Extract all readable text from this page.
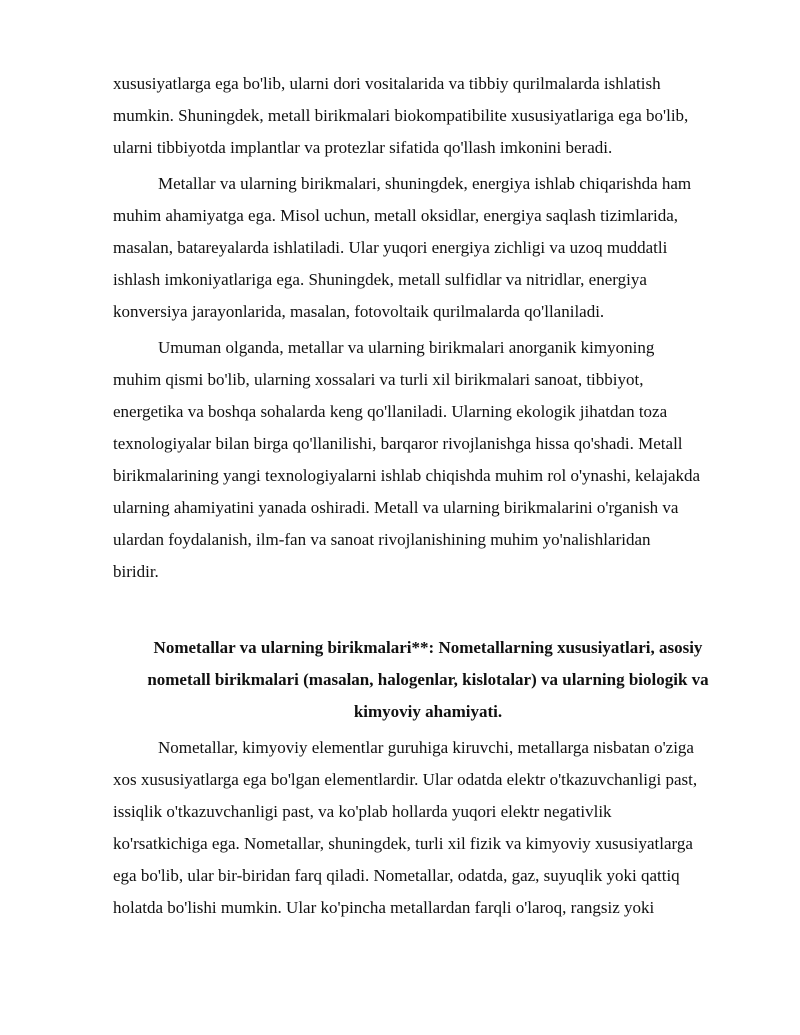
xususiyatlarga ega bo'lib, ularni dori vositalarida va tibbiy qurilmalarda ishlatish
mumkin. Shuningdek, metall birikmalari biokompatibilite xususiyatlariga ega bo'lib,
ularni tibbiyotda implantlar va protezlar sifatida qo'llash imkonini beradi.
Metallar va ularning birikmalari, shuningdek, energiya ishlab chiqarishda ham
muhim ahamiyatga ega. Misol uchun, metall oksidlar, energiya saqlash tizimlarida,
masalan, batareyalarda ishlatiladi. Ular yuqori energiya zichligi va uzoq muddatli
ishlash imkoniyatlariga ega. Shuningdek, metall sulfidlar va nitridlar, energiya
konversiya jarayonlarida, masalan, fotovoltaik qurilmalarda qo'llaniladi.
Umuman olganda, metallar va ularning birikmalari anorganik kimyoning
muhim qismi bo'lib, ularning xossalari va turli xil birikmalari sanoat, tibbiyot,
energetika va boshqa sohalarda keng qo'llaniladi. Ularning ekologik jihatdan toza
texnologiyalar bilan birga qo'llanilishi, barqaror rivojlanishga hissa qo'shadi. Metall
birikmalarining yangi texnologiyalarni ishlab chiqishda muhim rol o'ynashi, kelajakda
ularning ahamiyatini yanada oshiradi. Metall va ularning birikmalarini o'rganish va
ulardan foydalanish, ilm-fan va sanoat rivojlanishining muhim yo'nalishlaridan
biridir.
Nometallar va ularning birikmalari**: Nometallarning xususiyatlari, asosiy
nometall birikmalari (masalan, halogenlar, kislotalar) va ularning biologik va
kimyoviy ahamiyati.
Nometallar, kimyoviy elementlar guruhiga kiruvchi, metallarga nisbatan o'ziga
xos xususiyatlarga ega bo'lgan elementlardir. Ular odatda elektr o'tkazuvchanligi past,
issiqlik o'tkazuvchanligi past, va ko'plab hollarda yuqori elektr negativlik
ko'rsatkichiga ega. Nometallar, shuningdek, turli xil fizik va kimyoviy xususiyatlarga
ega bo'lib, ular bir-biridan farq qiladi. Nometallar, odatda, gaz, suyuqlik yoki qattiq
holatda bo'lishi mumkin. Ular ko'pincha metallardan farqli o'laroq, rangsiz yoki
